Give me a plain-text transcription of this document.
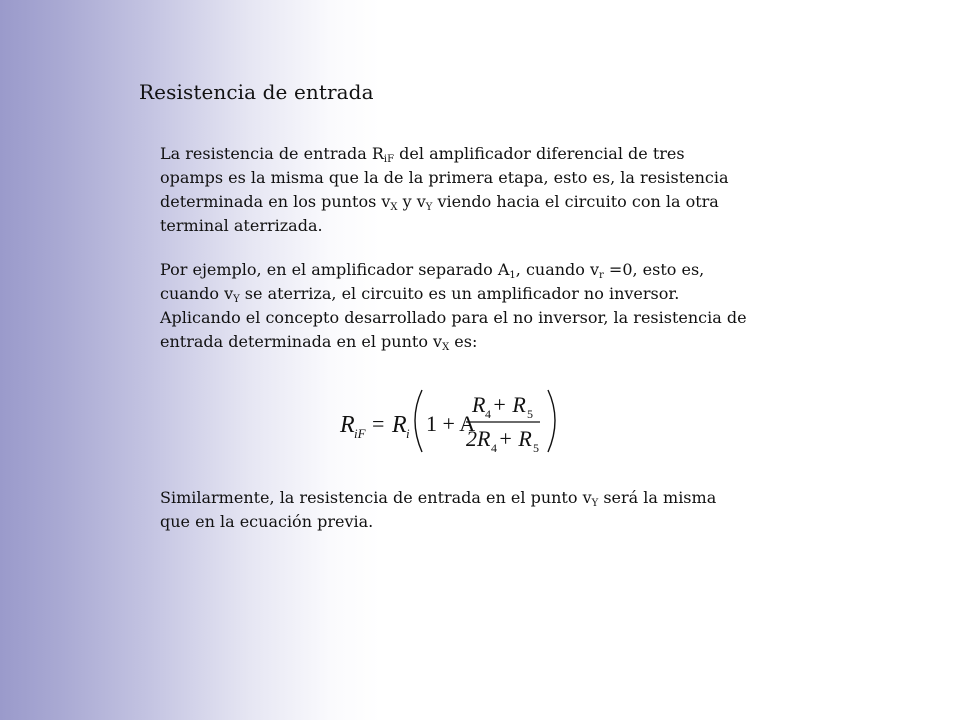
Resistencia de entrada

La resistencia de entrada $R_{iF}$ del amplificador diferencial de tres opamps es la misma que la de la primera etapa, esto es, la resistencia determinada en los puntos $v_X$ y $v_Y$ viendo hacia el circuito con la otra terminal aterrizada.

Por ejemplo, en el amplificador separado $A_1$, cuando $v_r =0$, esto es, cuando $v_Y$ se aterriza, el circuito es un amplificador no inversor. Aplicando el concepto desarrollado para el no inversor, la resistencia de entrada determinada en el punto $v_X$ es:

R iF = R i 1 + A
R 4 + R 5
2R 4 + R 5

Similarmente, la resistencia de entrada en el punto $v_Y$ será la misma que en la ecuación previa.
